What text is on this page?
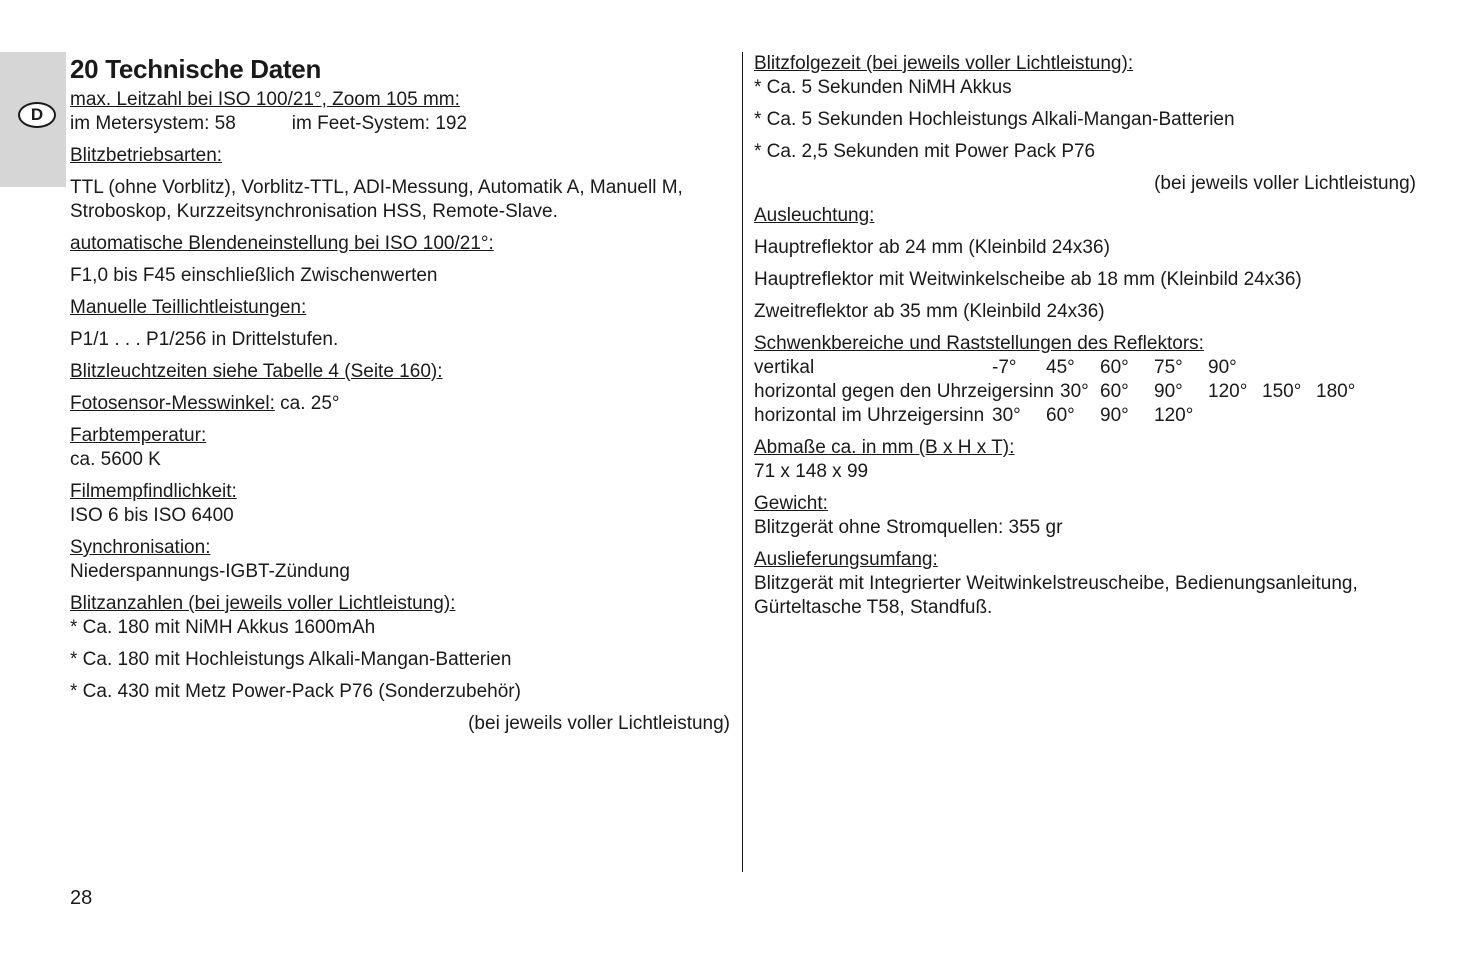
D
20 Technische Daten
max. Leitzahl bei ISO 100/21°, Zoom 105 mm:
im Metersystem: 58	im Feet-System: 192
Blitzbetriebsarten:
TTL (ohne Vorblitz), Vorblitz-TTL, ADI-Messung, Automatik A, Manuell M,
Stroboskop, Kurzzeitsynchronisation HSS, Remote-Slave.
automatische Blendeneinstellung bei ISO 100/21°:
F1,0 bis F45 einschließlich Zwischenwerten
Manuelle Teillichtleistungen:
P1/1 . . . P1/256 in Drittelstufen.
Blitzleuchtzeiten siehe Tabelle 4 (Seite 160):
Fotosensor-Messwinkel: ca. 25°
Farbtemperatur:
ca. 5600 K
Filmempfindlichkeit:
ISO 6 bis ISO 6400
Synchronisation:
Niederspannungs-IGBT-Zündung
Blitzanzahlen (bei jeweils voller Lichtleistung):
* Ca. 180 mit NiMH Akkus 1600mAh
* Ca. 180 mit Hochleistungs Alkali-Mangan-Batterien
* Ca. 430 mit Metz Power-Pack P76 (Sonderzubehör)
(bei jeweils voller Lichtleistung)
Blitzfolgezeit (bei jeweils voller Lichtleistung):
* Ca. 5 Sekunden NiMH Akkus
* Ca. 5 Sekunden Hochleistungs Alkali-Mangan-Batterien
* Ca. 2,5 Sekunden mit Power Pack P76
(bei jeweils voller Lichtleistung)
Ausleuchtung:
Hauptreflektor ab 24 mm (Kleinbild 24x36)
Hauptreflektor mit Weitwinkelscheibe ab 18 mm (Kleinbild 24x36)
Zweitreflektor ab 35 mm (Kleinbild 24x36)
Schwenkbereiche und Raststellungen des Reflektors:
vertikal	-7° 45° 60° 75° 90°
horizontal gegen den Uhrzeigersinn 30° 60° 90° 120° 150° 180°
horizontal im Uhrzeigersinn 30° 60° 90° 120°
Abmaße ca. in mm (B x H x T):
71 x 148 x 99
Gewicht:
Blitzgerät ohne Stromquellen: 355 gr
Auslieferungsumfang:
Blitzgerät mit Integrierter Weitwinkelstreuscheibe, Bedienungsanleitung,
Gürteltasche T58, Standfuß.
28
